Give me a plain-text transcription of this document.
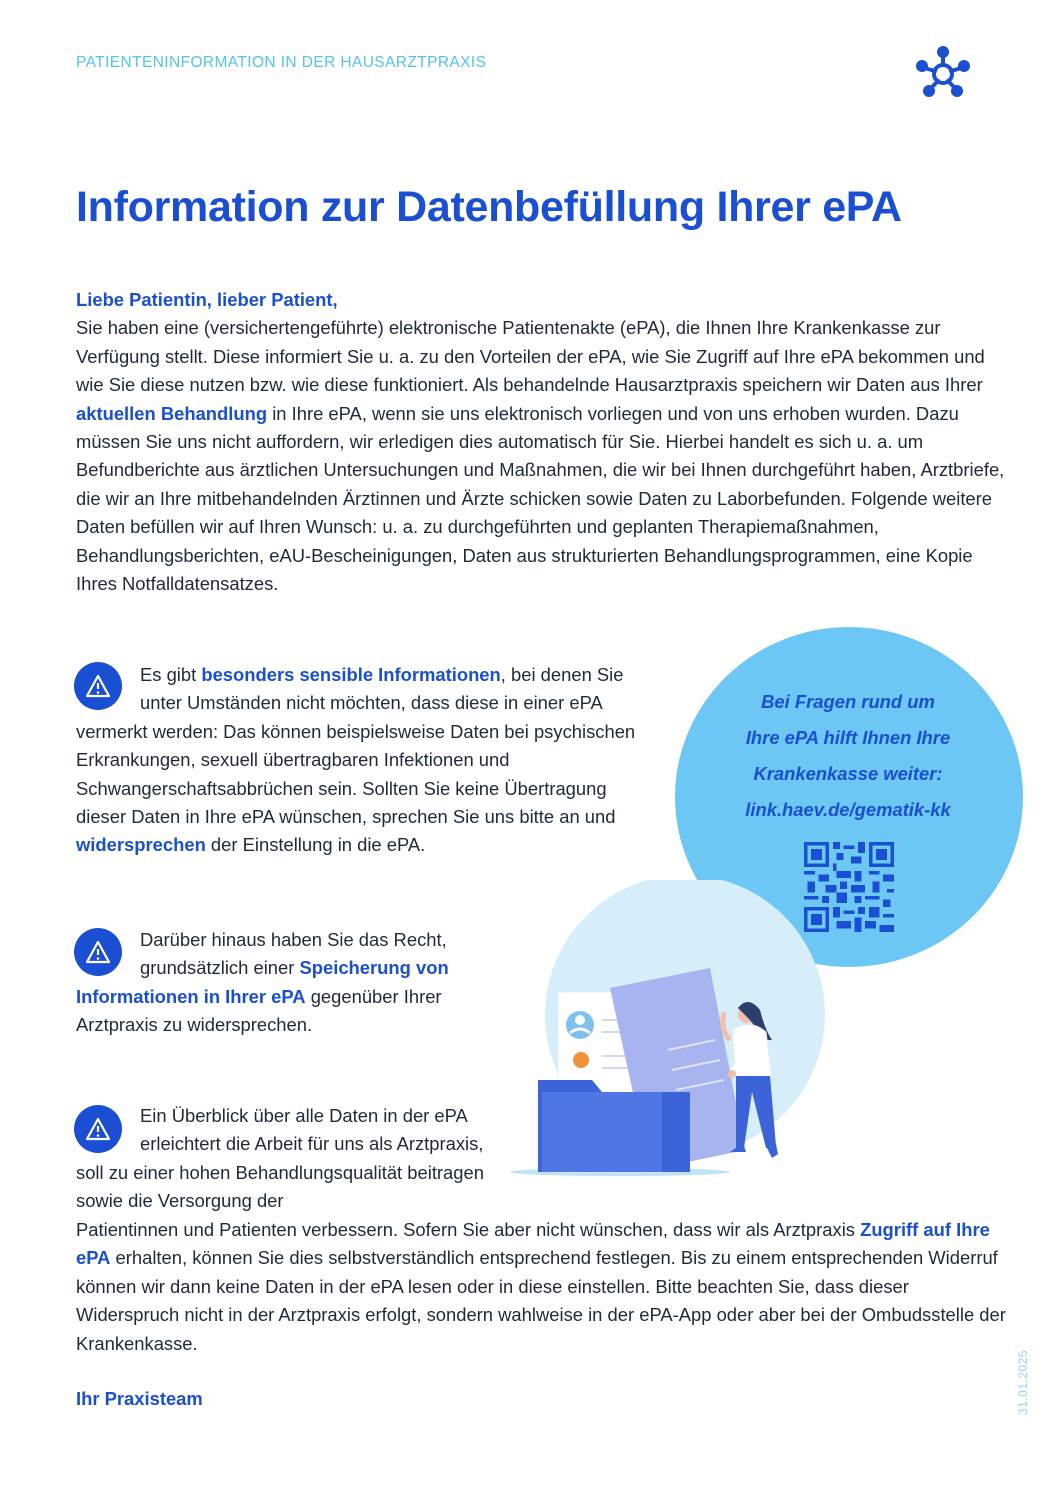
PATIENTENINFORMATION IN DER HAUSARZTPRAXIS
Information zur Datenbefüllung Ihrer ePA
Liebe Patientin, lieber Patient,
Sie haben eine (versichertengeführte) elektronische Patientenakte (ePA), die Ihnen Ihre Krankenkasse zur Verfügung stellt. Diese informiert Sie u. a. zu den Vorteilen der ePA, wie Sie Zugriff auf Ihre ePA bekommen und wie Sie diese nutzen bzw. wie diese funktioniert. Als behandelnde Hausarztpraxis speichern wir Daten aus Ihrer aktuellen Behandlung in Ihre ePA, wenn sie uns elektronisch vorliegen und von uns erhoben wurden. Dazu müssen Sie uns nicht auffordern, wir erledigen dies automatisch für Sie. Hierbei handelt es sich u. a. um Befundberichte aus ärztlichen Untersuchungen und Maßnahmen, die wir bei Ihnen durchgeführt haben, Arztbriefe, die wir an Ihre mitbehandelnden Ärztinnen und Ärzte schicken sowie Daten zu Laborbefunden. Folgende weitere Daten befüllen wir auf Ihren Wunsch: u. a. zu durchgeführten und geplanten Therapiemaßnahmen, Behandlungsberichten, eAU-Bescheinigungen, Daten aus strukturierten Behandlungsprogrammen, eine Kopie Ihres Notfalldatensatzes.
Bei Fragen rund um
Ihre ePA hilft Ihnen Ihre
Krankenkasse weiter:
link.haev.de/gematik-kk
Es gibt besonders sensible Informationen, bei denen Sie unter Umständen nicht möchten, dass diese in einer ePA vermerkt werden: Das können beispielsweise Daten bei psychischen Erkrankungen, sexuell übertragbaren Infektionen und Schwangerschaftsabbrüchen sein. Sollten Sie keine Übertragung dieser Daten in Ihre ePA wünschen, sprechen Sie uns bitte an und widersprechen der Einstellung in die ePA.
Darüber hinaus haben Sie das Recht, grundsätzlich einer Speicherung von Informationen in Ihrer ePA gegenüber Ihrer Arztpraxis zu widersprechen.
Ein Überblick über alle Daten in der ePA erleichtert die Arbeit für uns als Arztpraxis, soll zu einer hohen Behandlungsqualität beitragen sowie die Versorgung der
Patientinnen und Patienten verbessern. Sofern Sie aber nicht wünschen, dass wir als Arztpraxis Zugriff auf Ihre ePA erhalten, können Sie dies selbstverständlich entsprechend festlegen. Bis zu einem entsprechenden Widerruf können wir dann keine Daten in der ePA lesen oder in diese einstellen. Bitte beachten Sie, dass dieser Widerspruch nicht in der Arztpraxis erfolgt, sondern wahlweise in der ePA-App oder aber bei der Ombudsstelle der Krankenkasse.
Ihr Praxisteam	31.01.2025
